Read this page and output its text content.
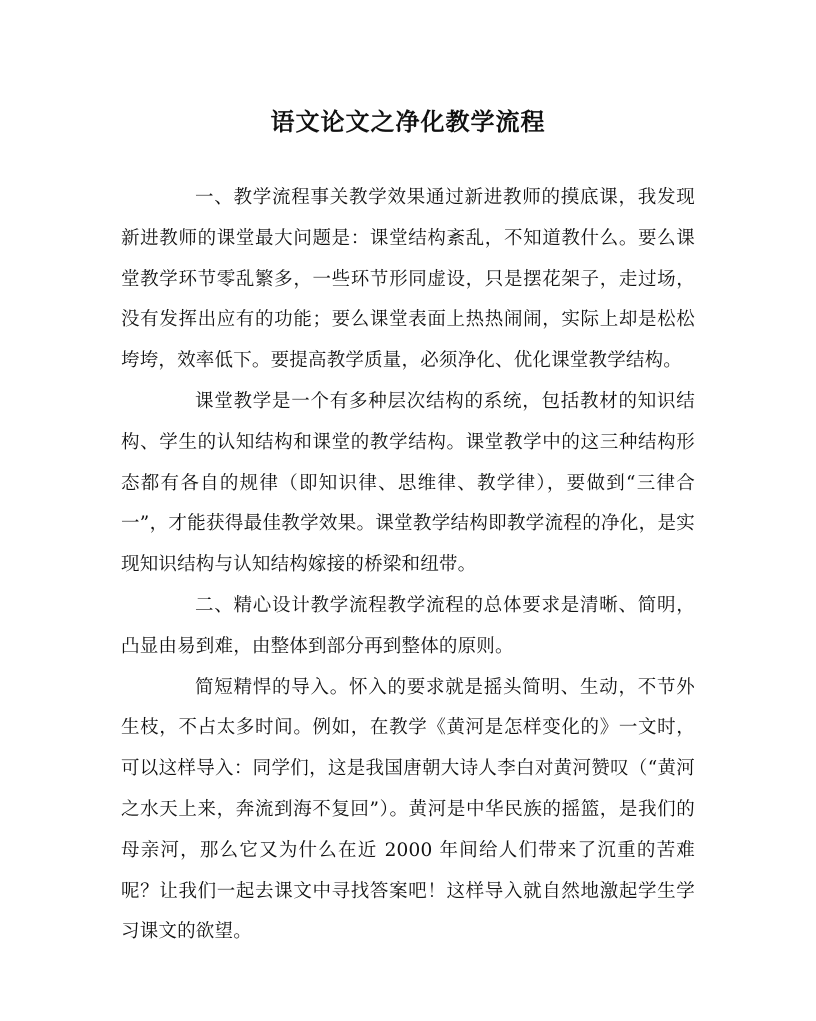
语文论文之净化教学流程

一、教学流程事关教学效果通过新进教师的摸底课，我发现新进教师的课堂最大问题是：课堂结构紊乱，不知道教什么。要么课堂教学环节零乱繁多，一些环节形同虚设，只是摆花架子，走过场，没有发挥出应有的功能；要么课堂表面上热热闹闹，实际上却是松松垮垮，效率低下。要提高教学质量，必须净化、优化课堂教学结构。

课堂教学是一个有多种层次结构的系统，包括教材的知识结构、学生的认知结构和课堂的教学结构。课堂教学中的这三种结构形态都有各自的规律（即知识律、思维律、教学律），要做到“三律合一”，才能获得最佳教学效果。课堂教学结构即教学流程的净化，是实现知识结构与认知结构嫁接的桥梁和纽带。

二、精心设计教学流程教学流程的总体要求是清晰、简明，凸显由易到难，由整体到部分再到整体的原则。

简短精悍的导入。怀入的要求就是摇头简明、生动，不节外生枝，不占太多时间。例如，在教学《黄河是怎样变化的》一文时，可以这样导入：同学们，这是我国唐朝大诗人李白对黄河赞叹（“黄河之水天上来，奔流到海不复回”）。黄河是中华民族的摇篮，是我们的母亲河，那么它又为什么在近 2000 年间给人们带来了沉重的苦难呢？让我们一起去课文中寻找答案吧！这样导入就自然地激起学生学习课文的欲望。
